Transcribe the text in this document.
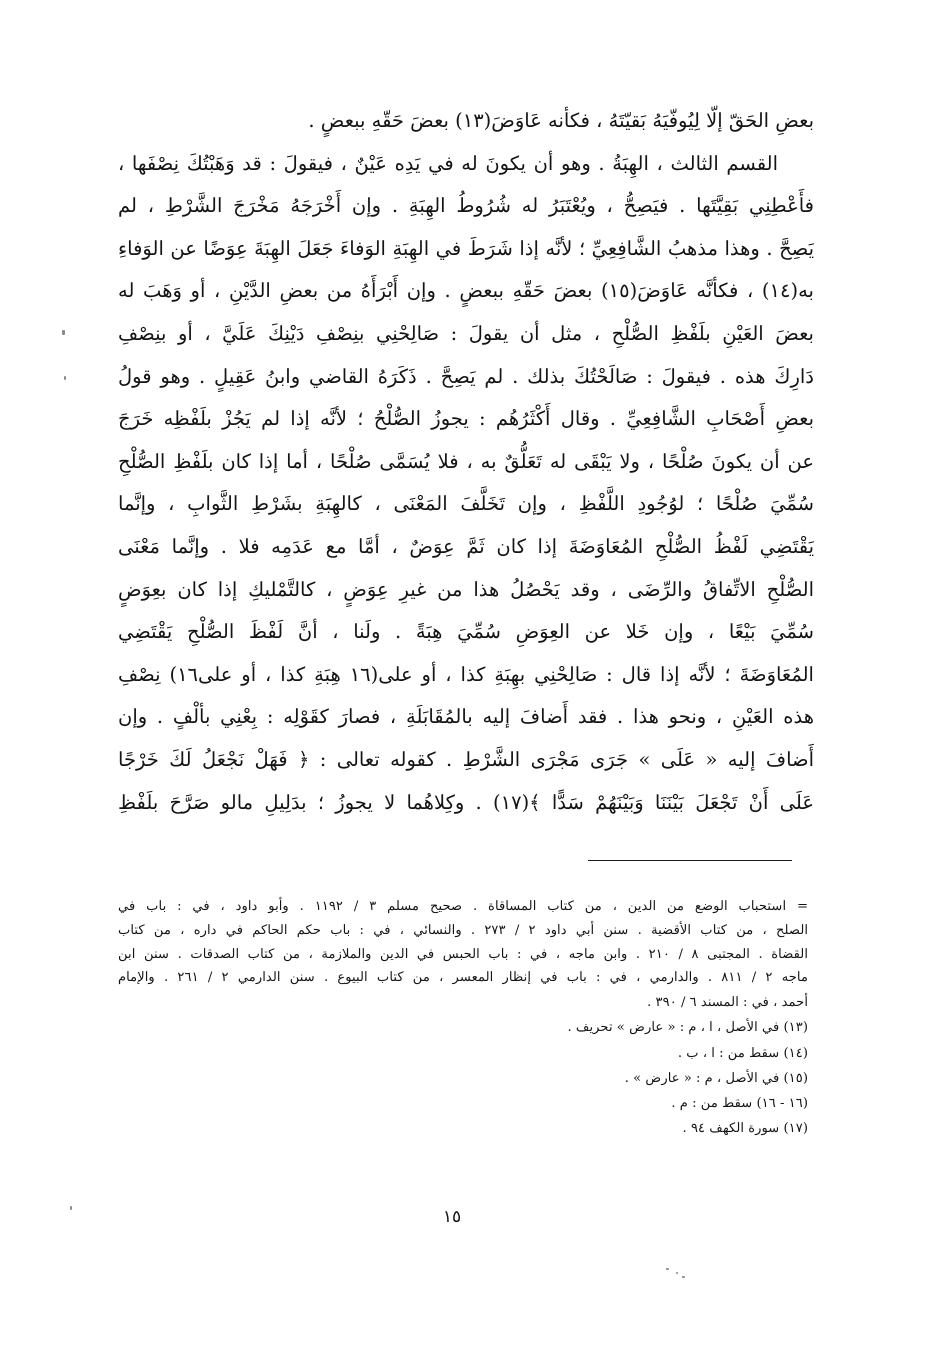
بعضِ الحَقّ إلّا لِيُوفّيَهُ بَقيّتَهُ ، فكأنه عَاوَضَ(١٣) بعضَ حَقّهِ ببعضٍ .
القسم الثالث ، الهِبَةُ . وهو أن يكونَ له في يَدِه عَيْنٌ ، فيقولَ : قد وَهَبْتُكَ نِصْفَها ،
فأَعْطِنِي بَقِيَّتَها . فيَصِحُّ ، ويُعْتَبَرُ له شُرُوطُ الهِبَةِ . وإن أَخْرَجَهُ مَخْرَجَ الشَّرْطِ ، لم
يَصِحَّ . وهذا مذهبُ الشَّافِعِيِّ ؛ لأنَّه إذا شَرَطَ في الهِبَةِ الوَفاءَ جَعَلَ الهِبَةَ عِوَضًا عن الوَفاءِ
به(١٤) ، فكأنَّه عَاوَضَ(١٥) بعضَ حَقّهِ ببعضٍ . وإن أَبْرَأَهُ من بعضِ الدَّيْنِ ، أو وَهَبَ له
بعضَ العَيْنِ بلَفْظِ الصُّلْحِ ، مثل أن يقولَ : صَالِحْنِي بنِصْفِ دَيْنِكَ عَلَيَّ ، أو بنِصْفِ
دَارِكَ هذه . فيقولَ : صَالَحْتُكَ بذلك . لم يَصِحَّ . ذَكَرَهُ القاضي وابنُ عَقِيلٍ . وهو قولُ
بعضِ أَصْحَابِ الشَّافِعِيِّ . وقال أَكْثَرُهُم : يجوزُ الصُّلْحُ ؛ لأنَّه إذا لم يَجُزْ بلَفْظِه خَرَجَ
عن أن يكونَ صُلْحًا ، ولا يَبْقَى له تَعَلُّقٌ به ، فلا يُسَمَّى صُلْحًا ، أما إذا كان بلَفْظِ الصُّلْحِ
سُمِّيَ صُلْحًا ؛ لوُجُودِ اللَّفْظِ ، وإن تَخَلَّفَ المَعْنَى ، كالهِبَةِ بشَرْطِ الثَّوابِ ، وإنَّما
يَقْتَضِي لَفْظُ الصُّلْحِ المُعَاوَضَةَ إذا كان ثَمَّ عِوَضٌ ، أمَّا مع عَدَمِه فلا . وإنَّما مَعْنَى
الصُّلْحِ الاتِّفاقُ والرِّضَى ، وقد يَحْصُلُ هذا من غيرِ عِوَضٍ ، كالتَّمْليكِ إذا كان بعِوَضٍ
سُمِّيَ بَيْعًا ، وإن خَلا عن العِوَضِ سُمِّيَ هِبَةً . ولَنا ، أنَّ لَفْظَ الصُّلْحِ يَقْتَضِي
المُعَاوَضَةَ ؛ لأنَّه إذا قال : صَالِحْنِي بهِبَةِ كذا ، أو على(١٦ هِبَةِ كذا ، أو على١٦) نِصْفِ
هذه العَيْنِ ، ونحو هذا . فقد أَضافَ إليه بالمُقَابَلَةِ ، فصارَ كقَوْلِه : بِعْنِي بألْفٍ . وإن
أَضافَ إليه « عَلَى » جَرَى مَجْرَى الشَّرْطِ . كقوله تعالى : ﴿ فَهَلْ نَجْعَلُ لَكَ خَرْجًا
عَلَى أَنْ تَجْعَلَ بَيْنَنَا وَبَيْنَهُمْ سَدًّا ﴾(١٧) . وكِلاهُما لا يجوزُ ؛ بدَلِيلِ مالو صَرَّحَ بلَفْظِ
= استحباب الوضع من الدين ، من كتاب المساقاة . صحيح مسلم ٣ / ١١٩٢ . وأبو داود ، في : باب في
الصلح ، من كتاب الأقضية . سنن أبي داود ٢ / ٢٧٣ . والنسائي ، في : باب حكم الحاكم في داره ، من كتاب
القضاة . المجتبى ٨ / ٢١٠ . وابن ماجه ، في : باب الحبس في الدين والملازمة ، من كتاب الصدقات . سنن ابن
ماجه ٢ / ٨١١ . والدارمي ، في : باب في إنظار المعسر ، من كتاب البيوع . سنن الدارمي ٢ / ٢٦١ . والإمام
أحمد ، في : المسند ٦ / ٣٩٠ .
(١٣) في الأصل ، ا ، م : « عارض » تحريف .
(١٤) سقط من : ا ، ب .
(١٥) في الأصل ، م : « عارض » .
(١٦ - ١٦) سقط من : م .
(١٧) سورة الكهف ٩٤ .
١٥
